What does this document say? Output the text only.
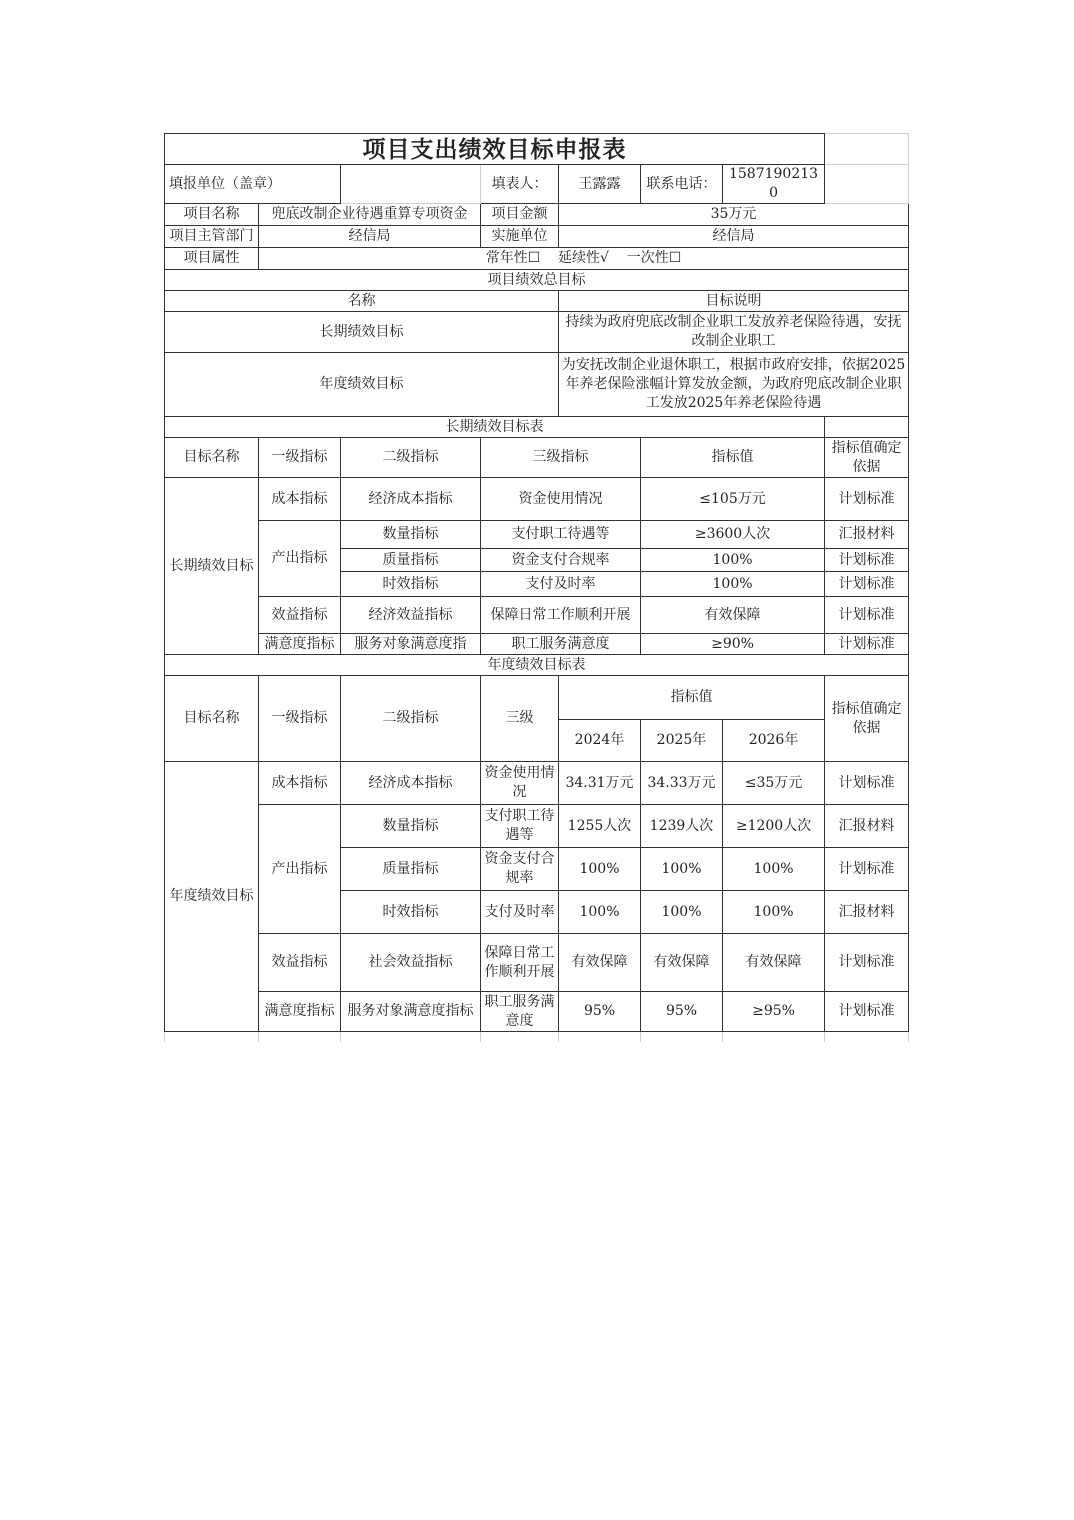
项目支出绩效目标申报表							
填报单位（盖章）			填表人：	王露露	联系电话：	15871902130	
项目名称	兜底改制企业待遇重算专项资金		项目金额	35万元			
项目主管部门	经信局		实施单位	经信局			
项目属性	常年性☐    延续性√    一次性☐						
项目绩效总目标							
名称				目标说明			
长期绩效目标				持续为政府兜底改制企业职工发放养老保险待遇，安抚改制企业职工			
年度绩效目标				为安抚改制企业退休职工，根据市政府安排，依据2025年养老保险涨幅计算发放金额，为政府兜底改制企业职工发放2025年养老保险待遇			
长期绩效目标表							
目标名称	一级指标	二级指标	三级指标		指标值		指标值确定依据
长期绩效目标	成本指标	经济成本指标	资金使用情况		≤105万元		计划标准
	产出指标	数量指标	支付职工待遇等		≥3600人次		汇报材料
		质量指标	资金支付合规率		100%		计划标准
		时效指标	支付及时率		100%		计划标准
	效益指标	经济效益指标	保障日常工作顺利开展		有效保障		计划标准
	满意度指标	服务对象满意度指	职工服务满意度		≥90%		计划标准
年度绩效目标表							
目标名称	一级指标	二级指标	三级	指标值			指标值确定依据
				2024年	2025年	2026年	
年度绩效目标	成本指标	经济成本指标	资金使用情况	34.31万元	34.33万元	≤35万元	计划标准
	产出指标	数量指标	支付职工待遇等	1255人次	1239人次	≥1200人次	汇报材料
		质量指标	资金支付合规率	100%	100%	100%	计划标准
		时效指标	支付及时率	100%	100%	100%	汇报材料
	效益指标	社会效益指标	保障日常工作顺利开展	有效保障	有效保障	有效保障	计划标准
	满意度指标	服务对象满意度指标	职工服务满意度	95%	95%	≥95%	计划标准
